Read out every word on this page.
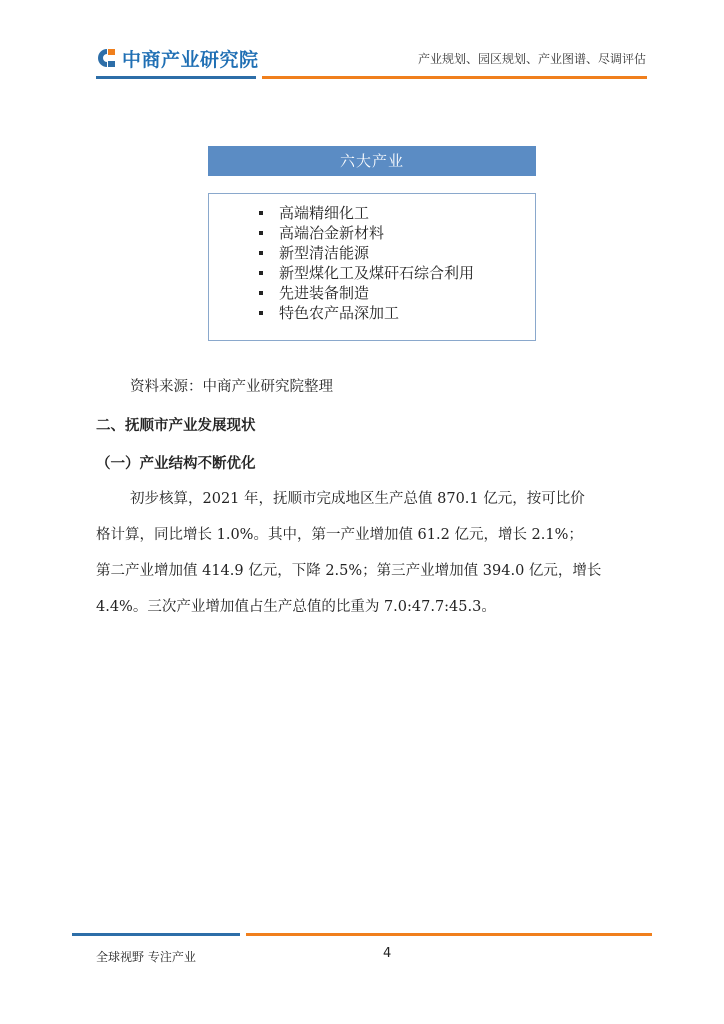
中商产业研究院	产业规划、园区规划、产业图谱、尽调评估
六大产业
高端精细化工
高端冶金新材料
新型清洁能源
新型煤化工及煤矸石综合利用
先进装备制造
特色农产品深加工
资料来源：中商产业研究院整理
二、抚顺市产业发展现状
（一）产业结构不断优化
初步核算，2021 年，抚顺市完成地区生产总值 870.1 亿元，按可比价
格计算，同比增长 1.0%。其中，第一产业增加值 61.2 亿元，增长 2.1%；
第二产业增加值 414.9 亿元，下降 2.5%；第三产业增加值 394.0 亿元，增长
4.4%。三次产业增加值占生产总值的比重为 7.0:47.7:45.3。
全球视野 专注产业	4
